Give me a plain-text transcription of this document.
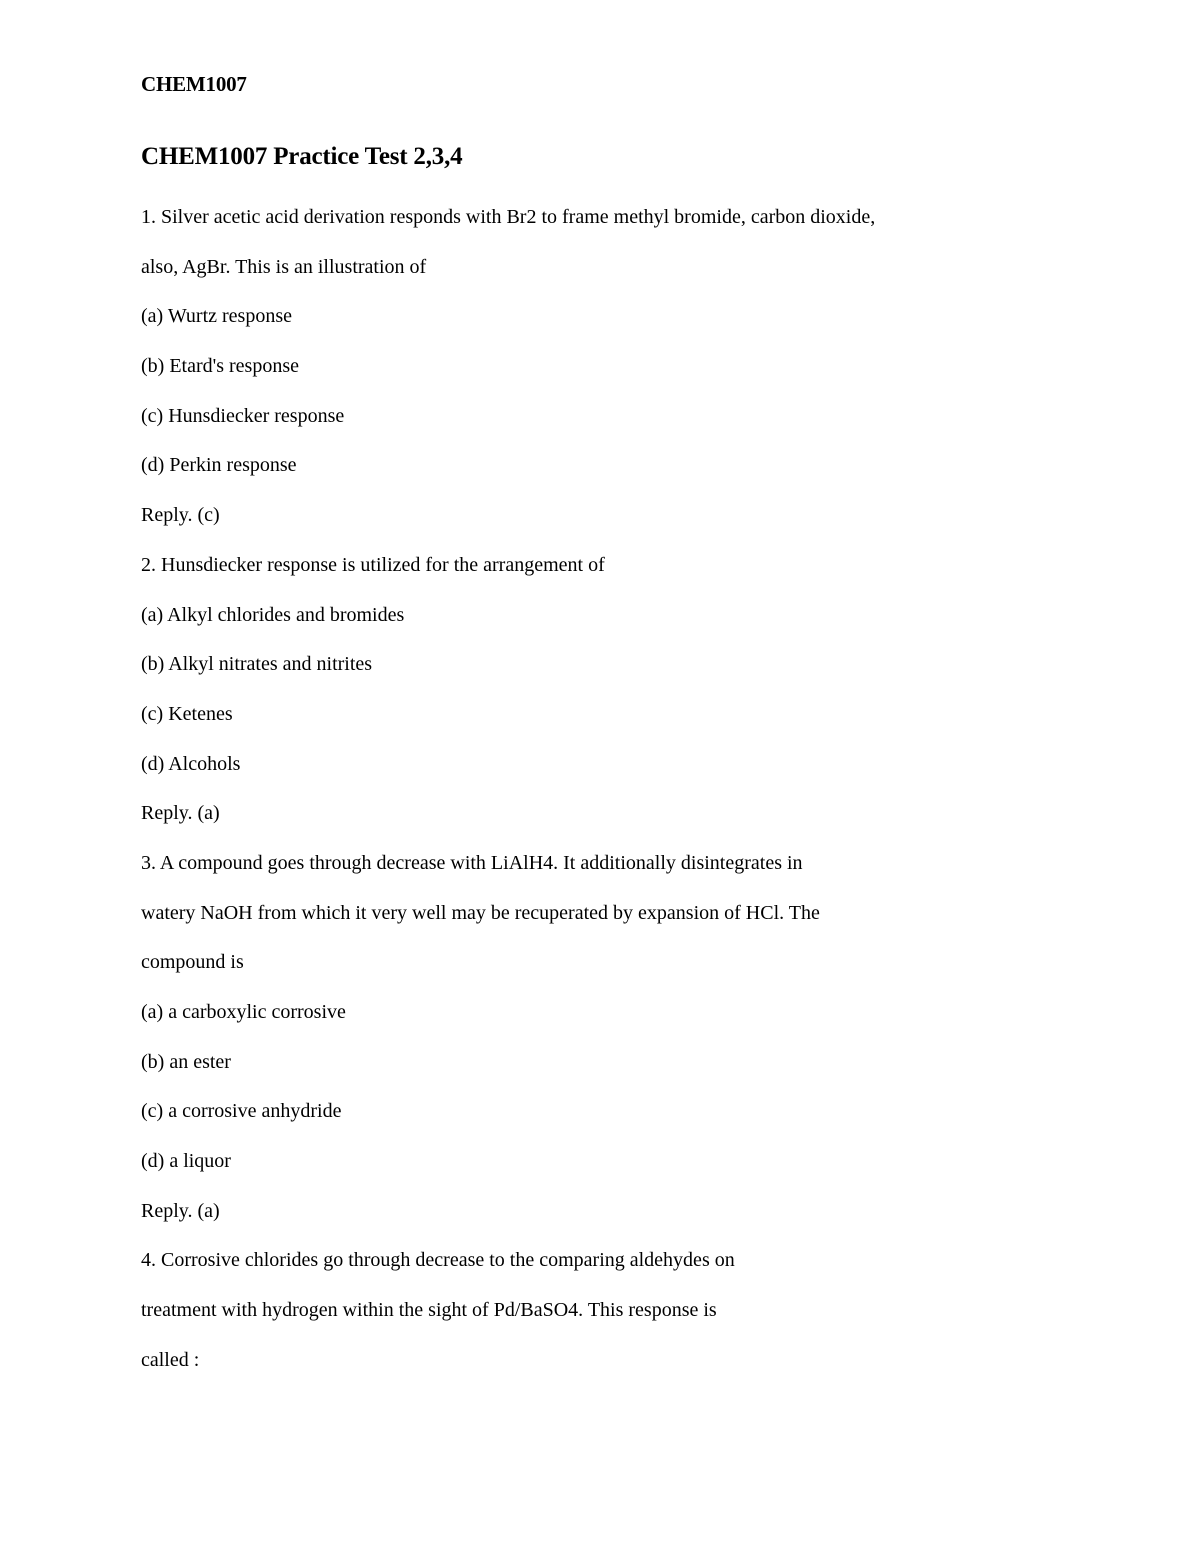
CHEM1007
CHEM1007 Practice Test 2,3,4
1. Silver acetic acid derivation responds with Br2 to frame methyl bromide, carbon dioxide,
also, AgBr. This is an illustration of
(a) Wurtz response
(b) Etard's response
(c) Hunsdiecker response
(d) Perkin response
Reply. (c)
2. Hunsdiecker response is utilized for the arrangement of
(a) Alkyl chlorides and bromides
(b) Alkyl nitrates and nitrites
(c) Ketenes
(d) Alcohols
Reply. (a)
3. A compound goes through decrease with LiAlH4. It additionally disintegrates in
watery NaOH from which it very well may be recuperated by expansion of HCl. The
compound is
(a) a carboxylic corrosive
(b) an ester
(c) a corrosive anhydride
(d) a liquor
Reply. (a)
4. Corrosive chlorides go through decrease to the comparing aldehydes on
treatment with hydrogen within the sight of Pd/BaSO4. This response is
called :
